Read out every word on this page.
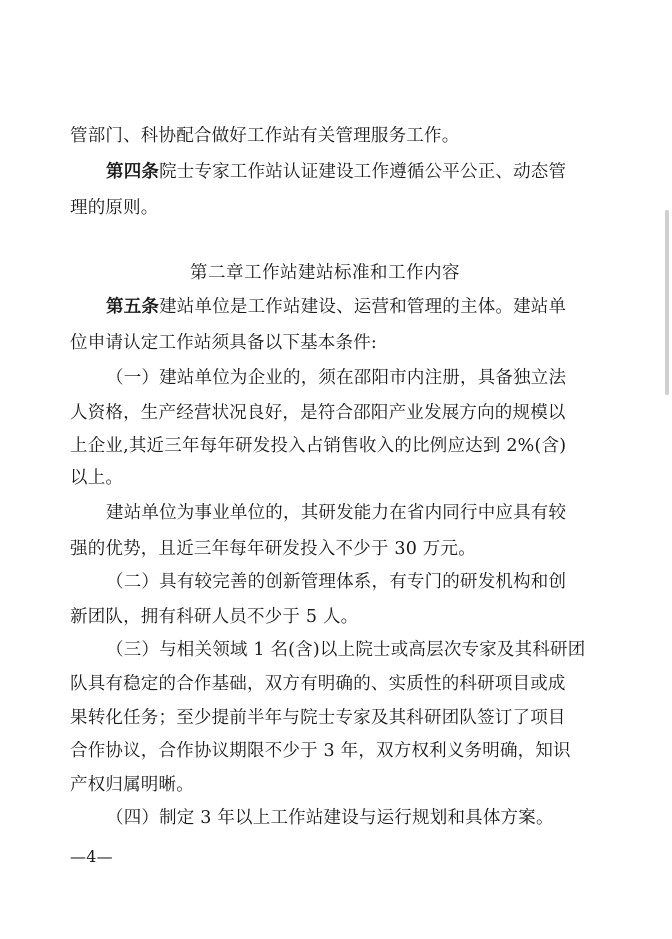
管部门、科协配合做好工作站有关管理服务工作。
第四条院士专家工作站认证建设工作遵循公平公正、动态管
理的原则。
第二章工作站建站标准和工作内容
第五条建站单位是工作站建设、运营和管理的主体。建站单
位申请认定工作站须具备以下基本条件:
（一）建站单位为企业的，须在邵阳市内注册，具备独立法
人资格，生产经营状况良好，是符合邵阳产业发展方向的规模以
上企业,其近三年每年研发投入占销售收入的比例应达到 2%(含)
以上。
建站单位为事业单位的，其研发能力在省内同行中应具有较
强的优势，且近三年每年研发投入不少于 30 万元。
（二）具有较完善的创新管理体系，有专门的研发机构和创
新团队，拥有科研人员不少于 5 人。
（三）与相关领域 1 名(含)以上院士或高层次专家及其科研团
队具有稳定的合作基础，双方有明确的、实质性的科研项目或成
果转化任务；至少提前半年与院士专家及其科研团队签订了项目
合作协议，合作协议期限不少于 3 年，双方权利义务明确，知识
产权归属明晰。
（四）制定 3 年以上工作站建设与运行规划和具体方案。
—4—
